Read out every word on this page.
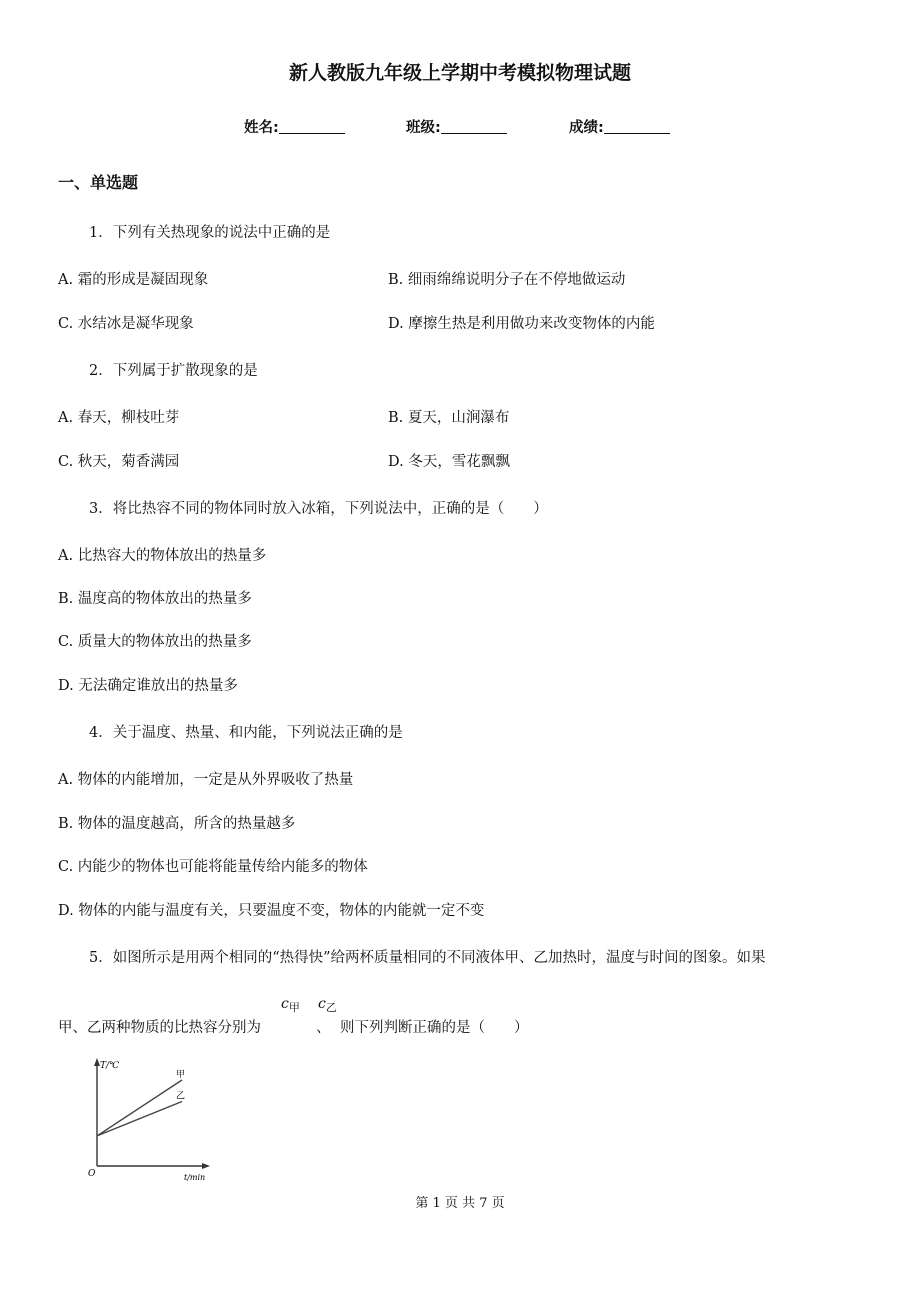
新人教版九年级上学期中考模拟物理试题
姓名:	班级:	成绩:
一、单选题
1．下列有关热现象的说法中正确的是
A. 霜的形成是凝固现象	B. 细雨绵绵说明分子在不停地做运动
C. 水结冰是凝华现象	D. 摩擦生热是利用做功来改变物体的内能
2．下列属于扩散现象的是
A. 春天，柳枝吐芽	B. 夏天，山涧瀑布
C. 秋天，菊香满园	D. 冬天，雪花飘飘
3．将比热容不同的物体同时放入冰箱，下列说法中，正确的是（　　）
A. 比热容大的物体放出的热量多
B. 温度高的物体放出的热量多
C. 质量大的物体放出的热量多
D. 无法确定谁放出的热量多
4．关于温度、热量、和内能，下列说法正确的是
A. 物体的内能增加，一定是从外界吸收了热量
B. 物体的温度越高，所含的热量越多
C. 内能少的物体也可能将能量传给内能多的物体
D. 物体的内能与温度有关，只要温度不变，物体的内能就一定不变
5．如图所示是用两个相同的“热得快”给两杯质量相同的不同液体甲、乙加热时，温度与时间的图象。如果
甲、乙两种物质的比热容分别为
$c_甲$
、
$c_乙$
则下列判断正确的是（　　）
T/℃
t/min
O
甲
乙
第 1 页 共 7 页
